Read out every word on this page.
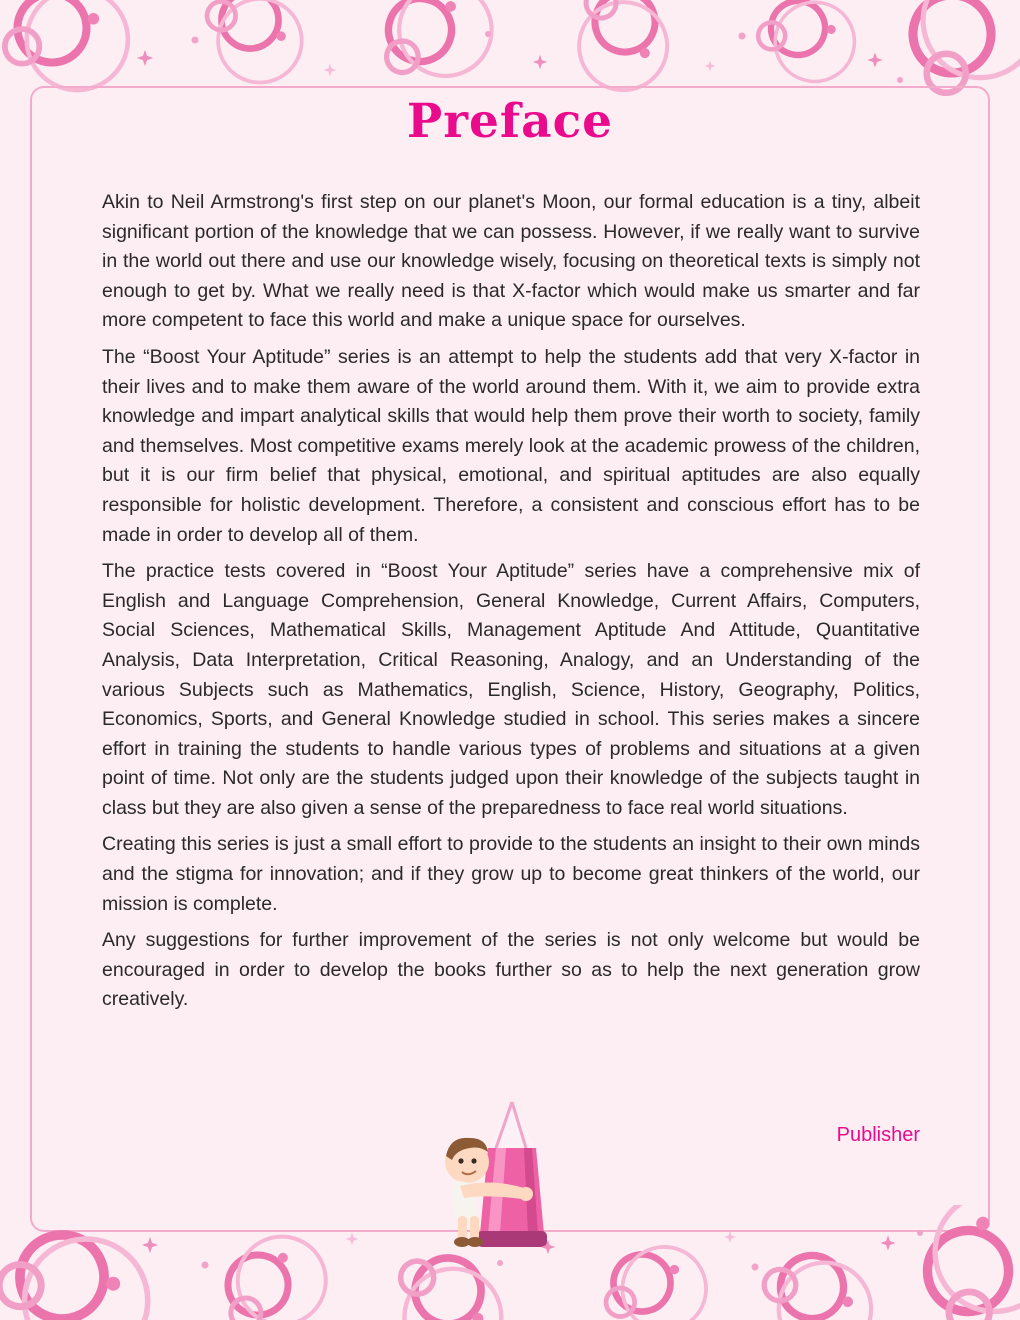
Preface

Akin to Neil Armstrong's first step on our planet's Moon, our formal education is a tiny, albeit significant portion of the knowledge that we can possess. However, if we really want to survive in the world out there and use our knowledge wisely, focusing on theoretical texts is simply not enough to get by. What we really need is that X-factor which would make us smarter and far more competent to face this world and make a unique space for ourselves.

The “Boost Your Aptitude” series is an attempt to help the students add that very X-factor in their lives and to make them aware of the world around them. With it, we aim to provide extra knowledge and impart analytical skills that would help them prove their worth to society, family and themselves. Most competitive exams merely look at the academic prowess of the children, but it is our firm belief that physical, emotional, and spiritual aptitudes are also equally responsible for holistic development. Therefore, a consistent and conscious effort has to be made in order to develop all of them.

The practice tests covered in “Boost Your Aptitude” series have a comprehensive mix of English and Language Comprehension, General Knowledge, Current Affairs, Computers, Social Sciences, Mathematical Skills, Management Aptitude And Attitude, Quantitative Analysis, Data Interpretation, Critical Reasoning, Analogy, and an Understanding of the various Subjects such as Mathematics, English, Science, History, Geography, Politics, Economics, Sports, and General Knowledge studied in school. This series makes a sincere effort in training the students to handle various types of problems and situations at a given point of time. Not only are the students judged upon their knowledge of the subjects taught in class but they are also given a sense of the preparedness to face real world situations.

Creating this series is just a small effort to provide to the students an insight to their own minds and the stigma for innovation; and if they grow up to become great thinkers of the world, our mission is complete.

Any suggestions for further improvement of the series is not only welcome but would be encouraged in order to develop the books further so as to help the next generation grow creatively.

Publisher
